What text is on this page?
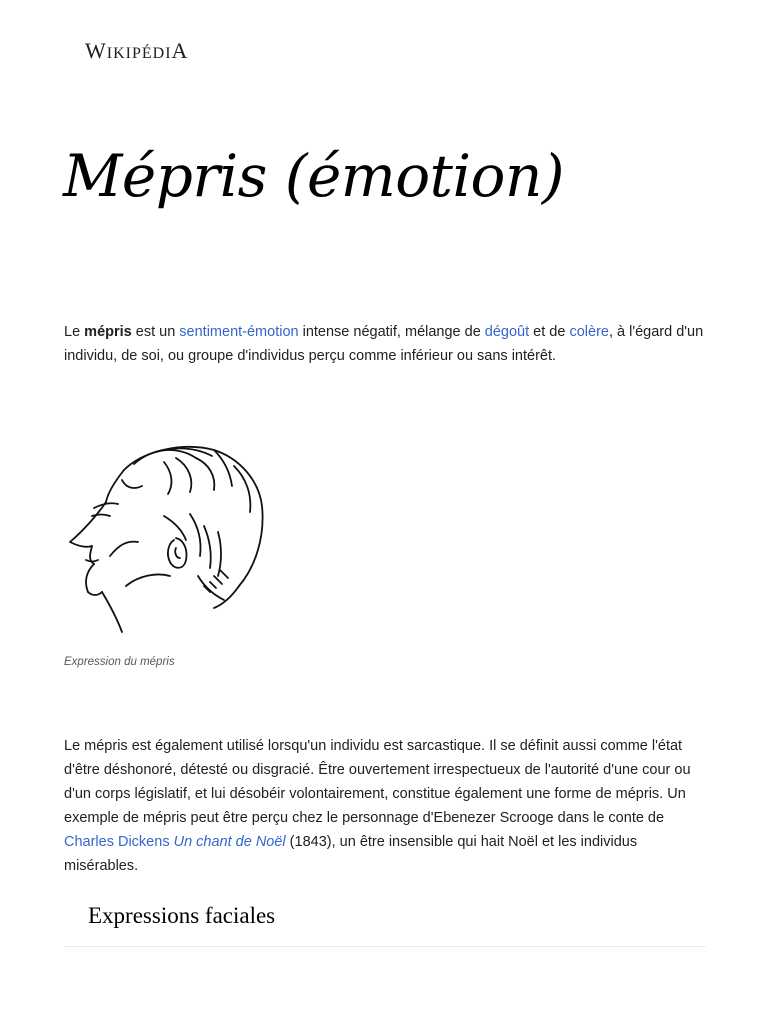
WIKIPÉDIA
Mépris (émotion)

Le mépris est un sentiment-émotion intense négatif, mélange de dégoût et de colère, à l'égard d'un individu, de soi, ou groupe d'individus perçu comme inférieur ou sans intérêt.

Expression du mépris

Le mépris est également utilisé lorsqu'un individu est sarcastique. Il se définit aussi comme l'état d'être déshonoré, détesté ou disgracié. Être ouvertement irrespectueux de l'autorité d'une cour ou d'un corps législatif, et lui désobéir volontairement, constitue également une forme de mépris. Un exemple de mépris peut être perçu chez le personnage d'Ebenezer Scrooge dans le conte de Charles Dickens Un chant de Noël (1843), un être insensible qui hait Noël et les individus misérables.

Expressions faciales
